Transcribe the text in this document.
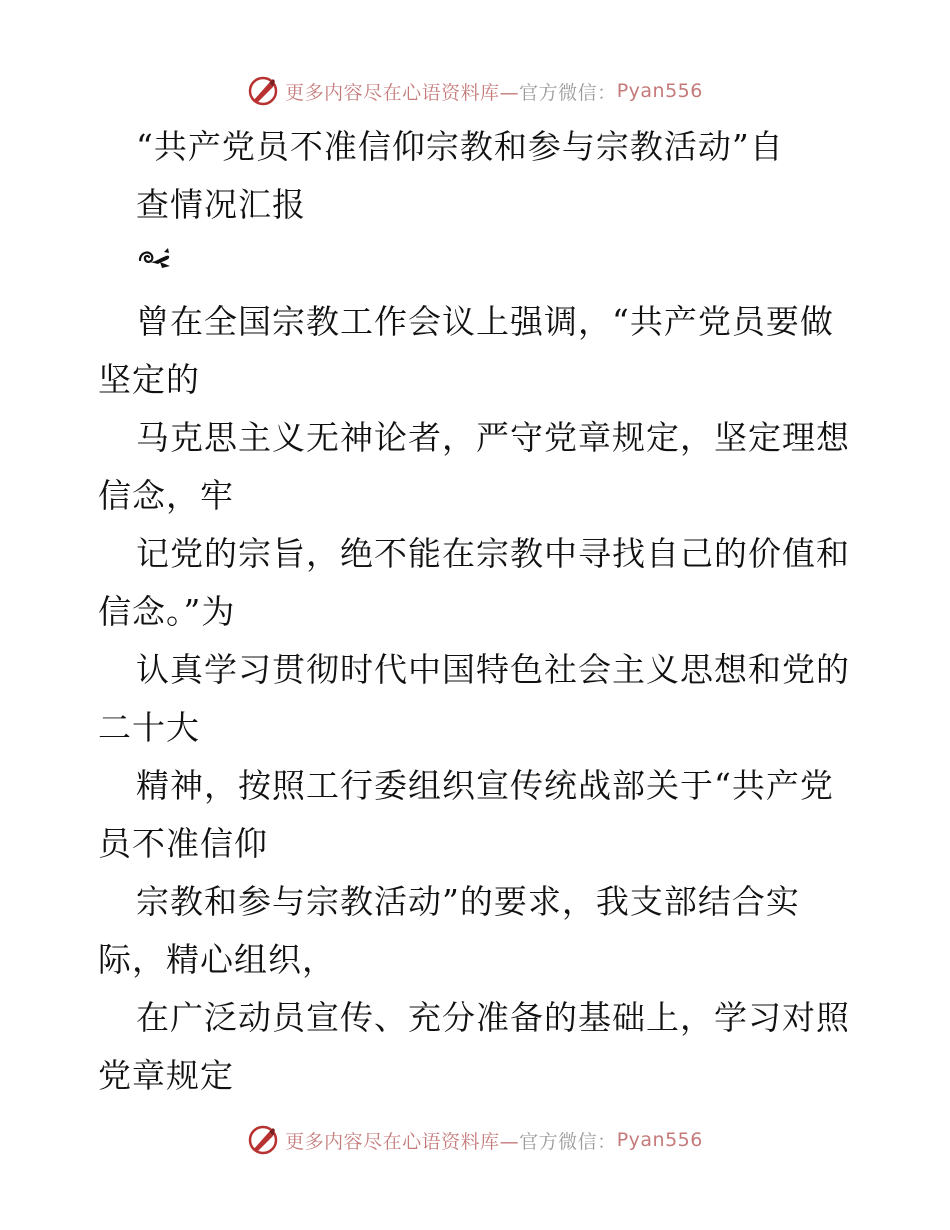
更多内容尽在心语资料库— 官方微信： Pyan556
“共产党员不准信仰宗教和参与宗教活动”自
查情况汇报
曾在全国宗教工作会议上强调，“共产党员要做
坚定的
马克思主义无神论者，严守党章规定，坚定理想
信念，牢
记党的宗旨，绝不能在宗教中寻找自己的价值和
信念。”为
认真学习贯彻时代中国特色社会主义思想和党的
二十大
精神，按照工行委组织宣传统战部关于“共产党
员不准信仰
宗教和参与宗教活动”的要求，我支部结合实
际，精心组织，
在广泛动员宣传、充分准备的基础上，学习对照
党章规定
更多内容尽在心语资料库— 官方微信： Pyan556
